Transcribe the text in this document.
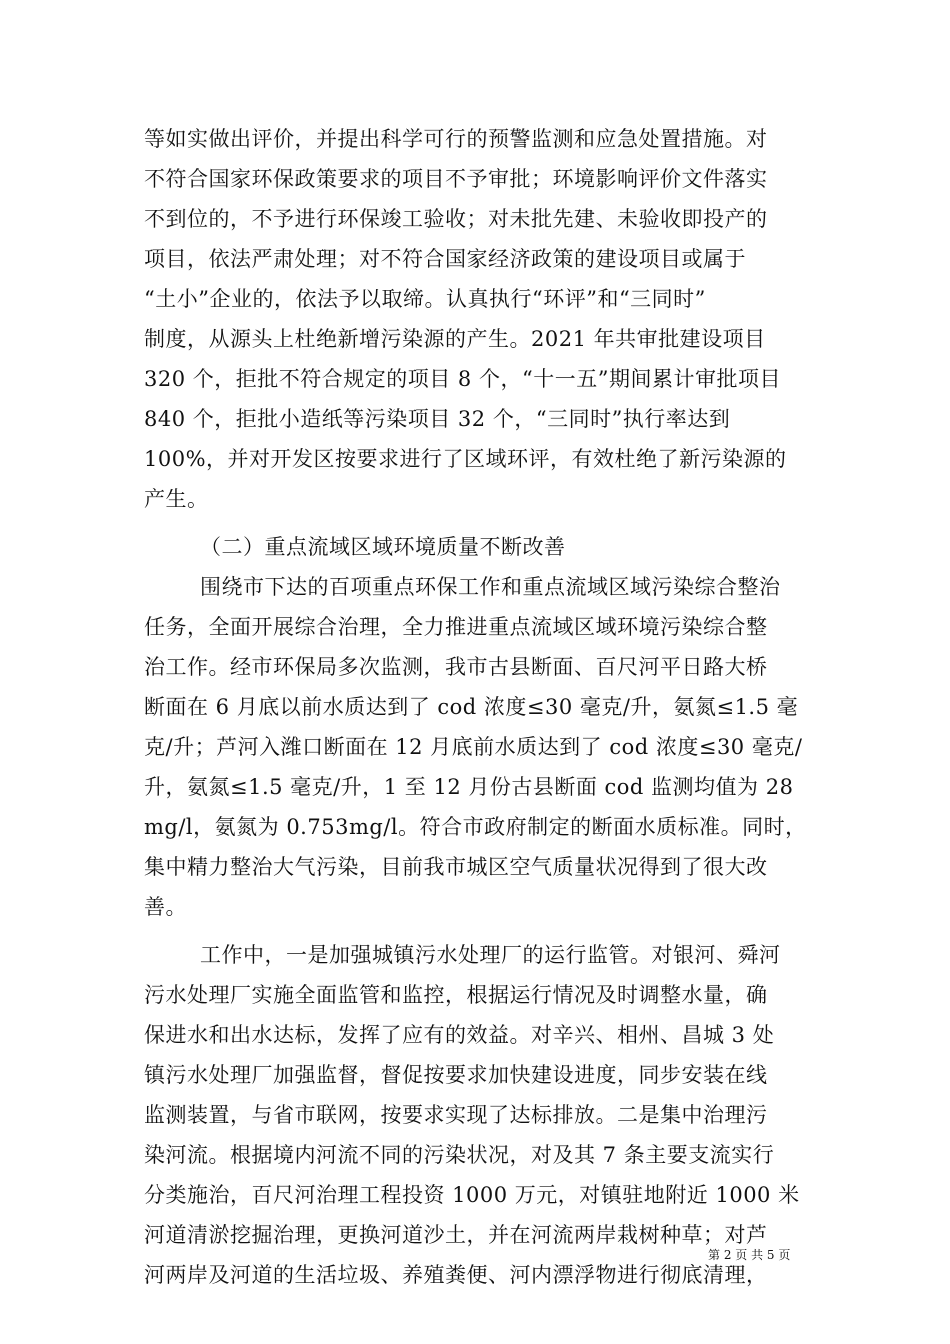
等如实做出评价，并提出科学可行的预警监测和应急处置措施。对
不符合国家环保政策要求的项目不予审批；环境影响评价文件落实
不到位的，不予进行环保竣工验收；对未批先建、未验收即投产的
项目，依法严肃处理；对不符合国家经济政策的建设项目或属于
“土小”企业的，依法予以取缔。认真执行“环评”和“三同时”
制度，从源头上杜绝新增污染源的产生。2021 年共审批建设项目
320 个，拒批不符合规定的项目 8 个，“十一五”期间累计审批项目
840 个，拒批小造纸等污染项目 32 个，“三同时”执行率达到
100%，并对开发区按要求进行了区域环评，有效杜绝了新污染源的
产生。
（二）重点流域区域环境质量不断改善
围绕市下达的百项重点环保工作和重点流域区域污染综合整治
任务，全面开展综合治理，全力推进重点流域区域环境污染综合整
治工作。经市环保局多次监测，我市古县断面、百尺河平日路大桥
断面在 6 月底以前水质达到了 cod 浓度≤30 毫克/升，氨氮≤1.5 毫
克/升；芦河入潍口断面在 12 月底前水质达到了 cod 浓度≤30 毫克/
升，氨氮≤1.5 毫克/升，1 至 12 月份古县断面 cod 监测均值为 28
mg/l，氨氮为 0.753mg/l。符合市政府制定的断面水质标准。同时，
集中精力整治大气污染，目前我市城区空气质量状况得到了很大改
善。
工作中，一是加强城镇污水处理厂的运行监管。对银河、舜河
污水处理厂实施全面监管和监控，根据运行情况及时调整水量，确
保进水和出水达标，发挥了应有的效益。对辛兴、相州、昌城 3 处
镇污水处理厂加强监督，督促按要求加快建设进度，同步安装在线
监测装置，与省市联网，按要求实现了达标排放。二是集中治理污
染河流。根据境内河流不同的污染状况，对及其 7 条主要支流实行
分类施治，百尺河治理工程投资 1000 万元，对镇驻地附近 1000 米
河道清淤挖掘治理，更换河道沙土，并在河流两岸栽树种草；对芦
河两岸及河道的生活垃圾、养殖粪便、河内漂浮物进行彻底清理，
第 2 页 共 5 页
